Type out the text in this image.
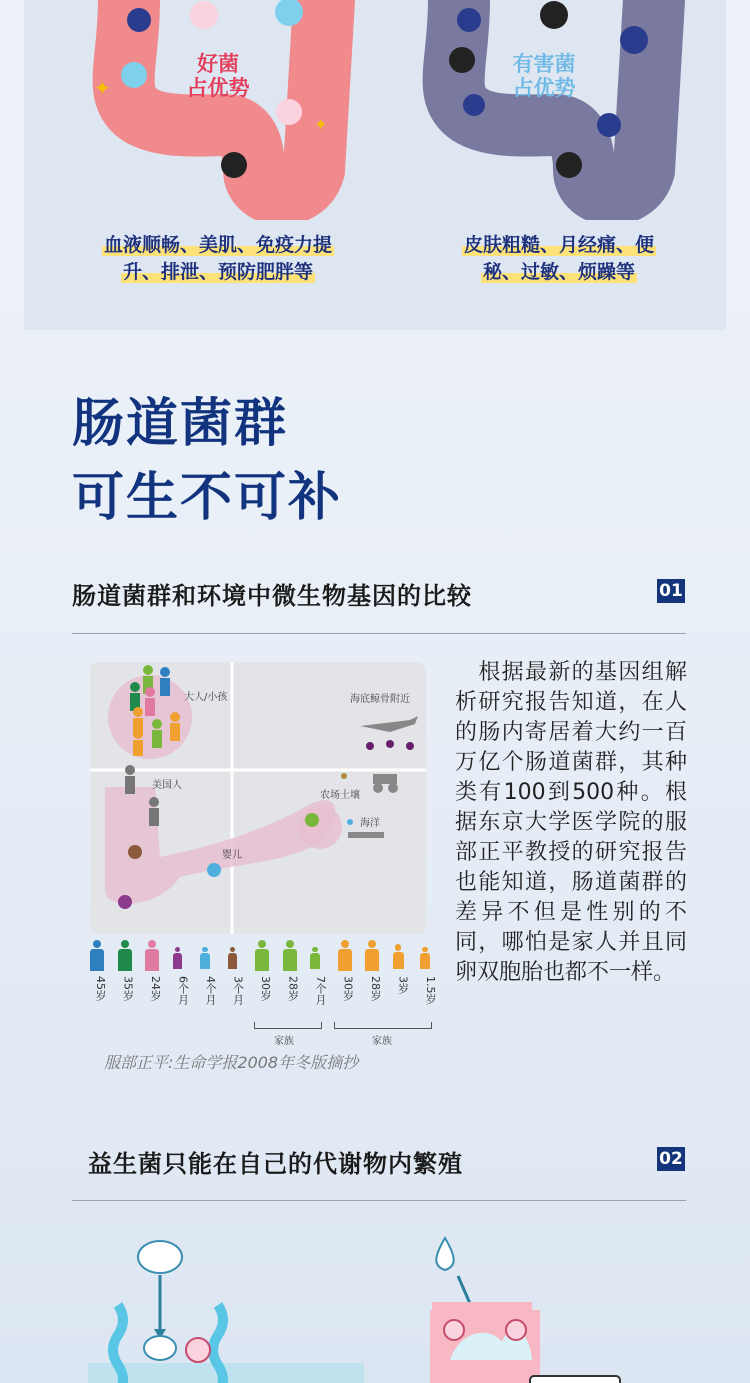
✦
✦
好菌
占优势
有害菌
占优势
血液顺畅、美肌、免疫力提
升、排泄、预防肥胖等
皮肤粗糙、月经痛、便
秘、过敏、烦躁等
肠道菌群
可生不可补
肠道菌群和环境中微生物基因的比较	01
大人/小孩	海底鲸骨附近
美国人
农场土壤
海洋
婴儿
45岁 35岁 24岁 6个月 4个月 3个月 30岁 28岁 7个月 30岁 28岁 3岁 1.5岁
家族	家族
服部正平:生命学报2008年冬版摘抄
　根据最新的基因组解析研究报告知道，在人的肠内寄居着大约一百万亿个肠道菌群，其种类有100到500种。根据东京大学医学院的服部正平教授的研究报告也能知道，肠道菌群的差异不但是性别的不同，哪怕是家人并且同卵双胞胎也都不一样。
益生菌只能在自己的代谢物内繁殖	02
